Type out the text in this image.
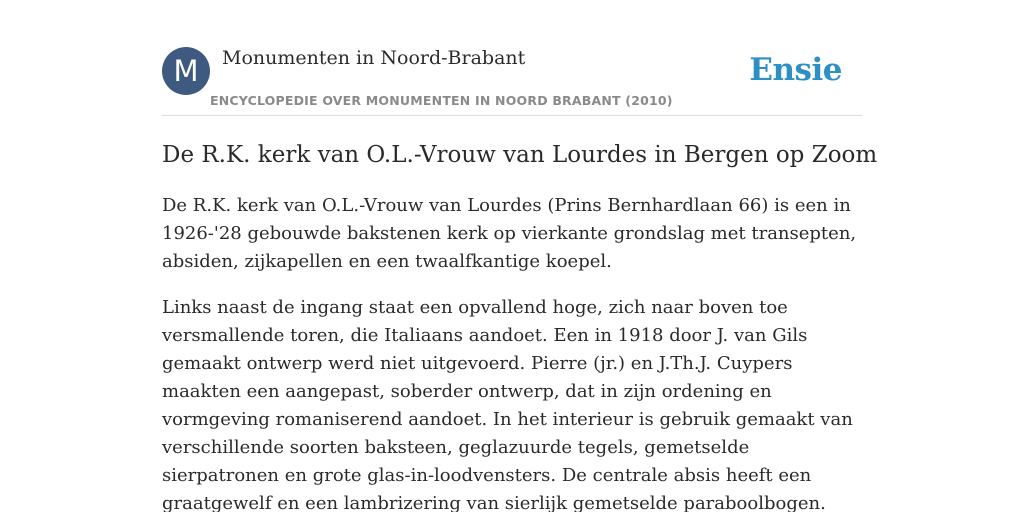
M	Monumenten in Noord-Brabant
ENCYCLOPEDIE OVER MONUMENTEN IN NOORD BRABANT (2010)
Ensie
De R.K. kerk van O.L.-Vrouw van Lourdes in Bergen op Zoom

De R.K. kerk van O.L.-Vrouw van Lourdes (Prins Bernhardlaan 66) is een in 1926-'28 gebouwde bakstenen kerk op vierkante grondslag met transepten, absiden, zijkapellen en een twaalfkantige koepel.

Links naast de ingang staat een opvallend hoge, zich naar boven toe versmallende toren, die Italiaans aandoet. Een in 1918 door J. van Gils gemaakt ontwerp werd niet uitgevoerd. Pierre (jr.) en J.Th.J. Cuypers maakten een aangepast, soberder ontwerp, dat in zijn ordening en vormgeving romaniserend aandoet. In het interieur is gebruik gemaakt van verschillende soorten baksteen, geglazuurde tegels, gemetselde sierpatronen en grote glas-in-loodvensters. De centrale absis heeft een graatgewelf en een lambrizering van sierlijk gemetselde paraboolbogen.
